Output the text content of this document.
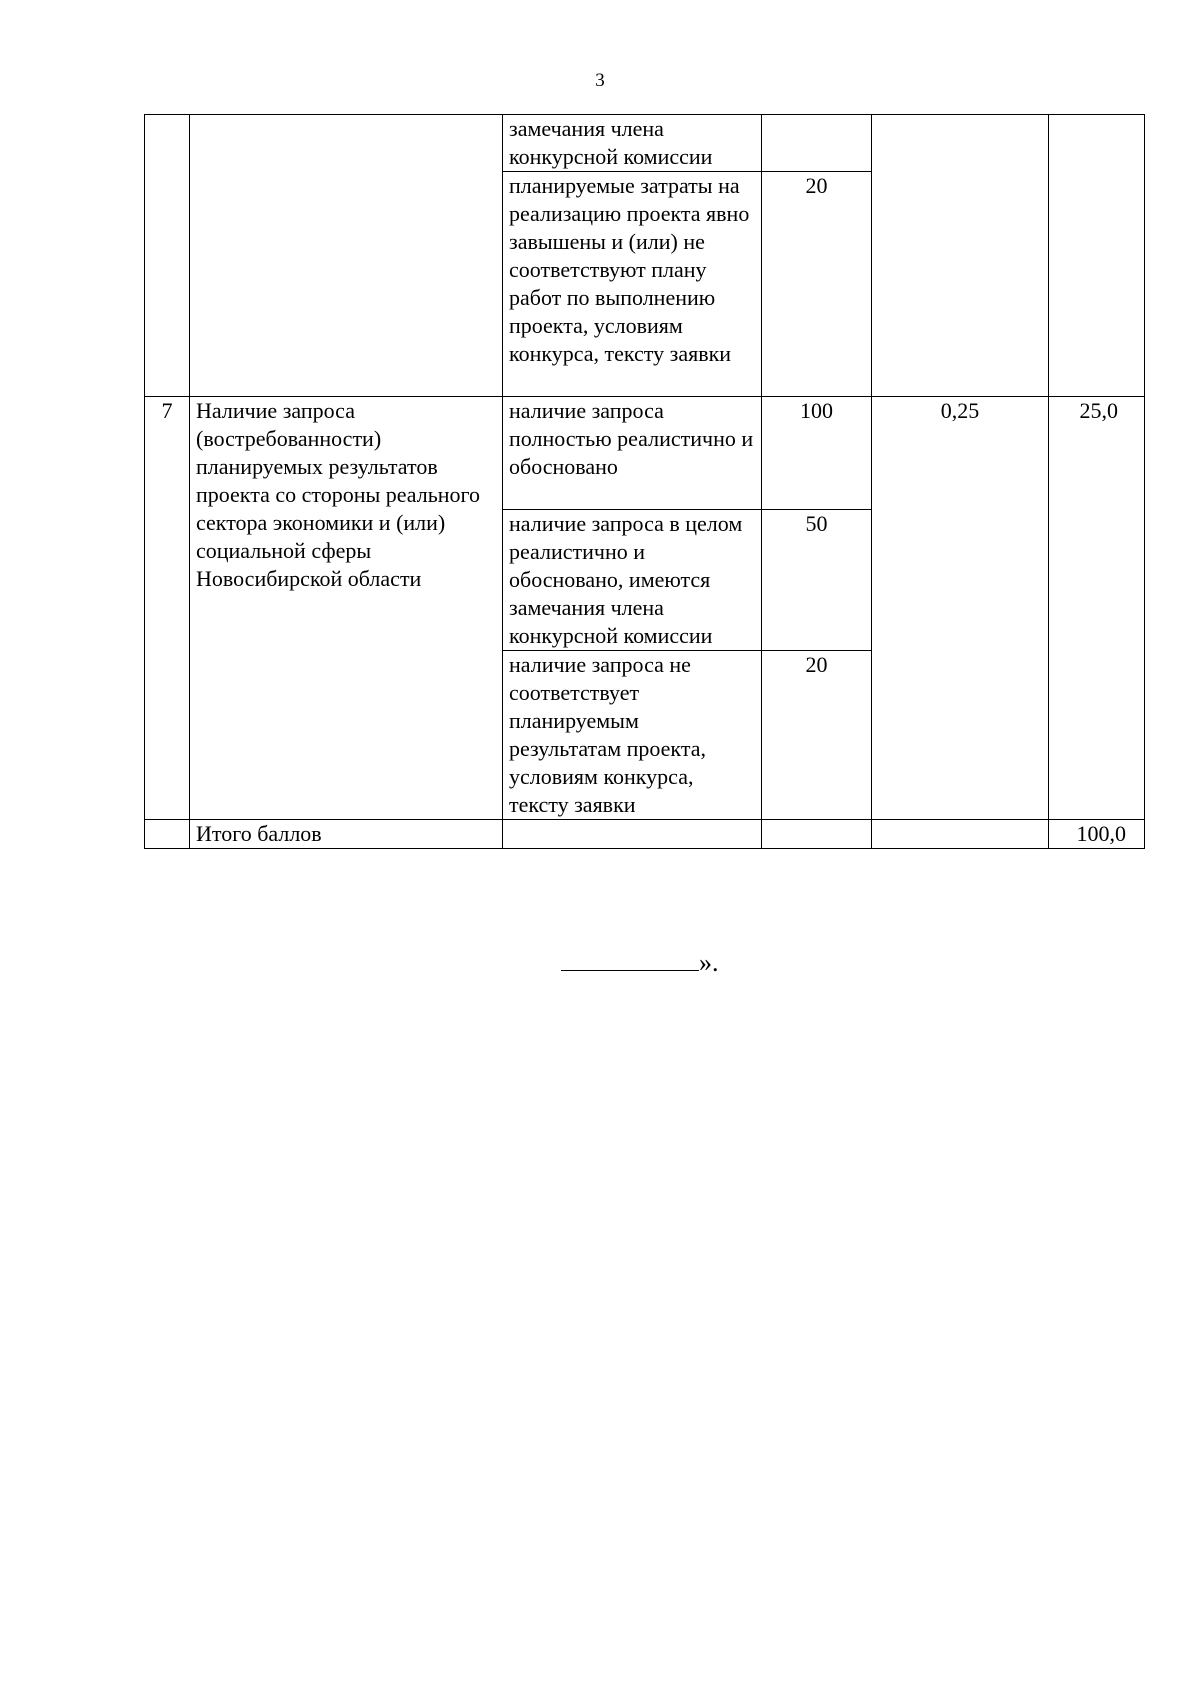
3
		замечания члена конкурсной комиссии			
		планируемые затраты на реализацию проекта явно завышены и (или) не соответствуют плану работ по выполнению проекта, условиям конкурса, тексту заявки	20		
7	Наличие запроса (востребованности) планируемых результатов проекта со стороны реального сектора экономики и (или) социальной сферы Новосибирской области	наличие запроса полностью реалистично и обосновано	100	0,25	25,0
		наличие запроса в целом реалистично и обосновано, имеются замечания члена конкурсной комиссии	50		
		наличие запроса не соответствует планируемым результатам проекта, условиям конкурса, тексту заявки	20		
	Итого баллов				100,0
».
